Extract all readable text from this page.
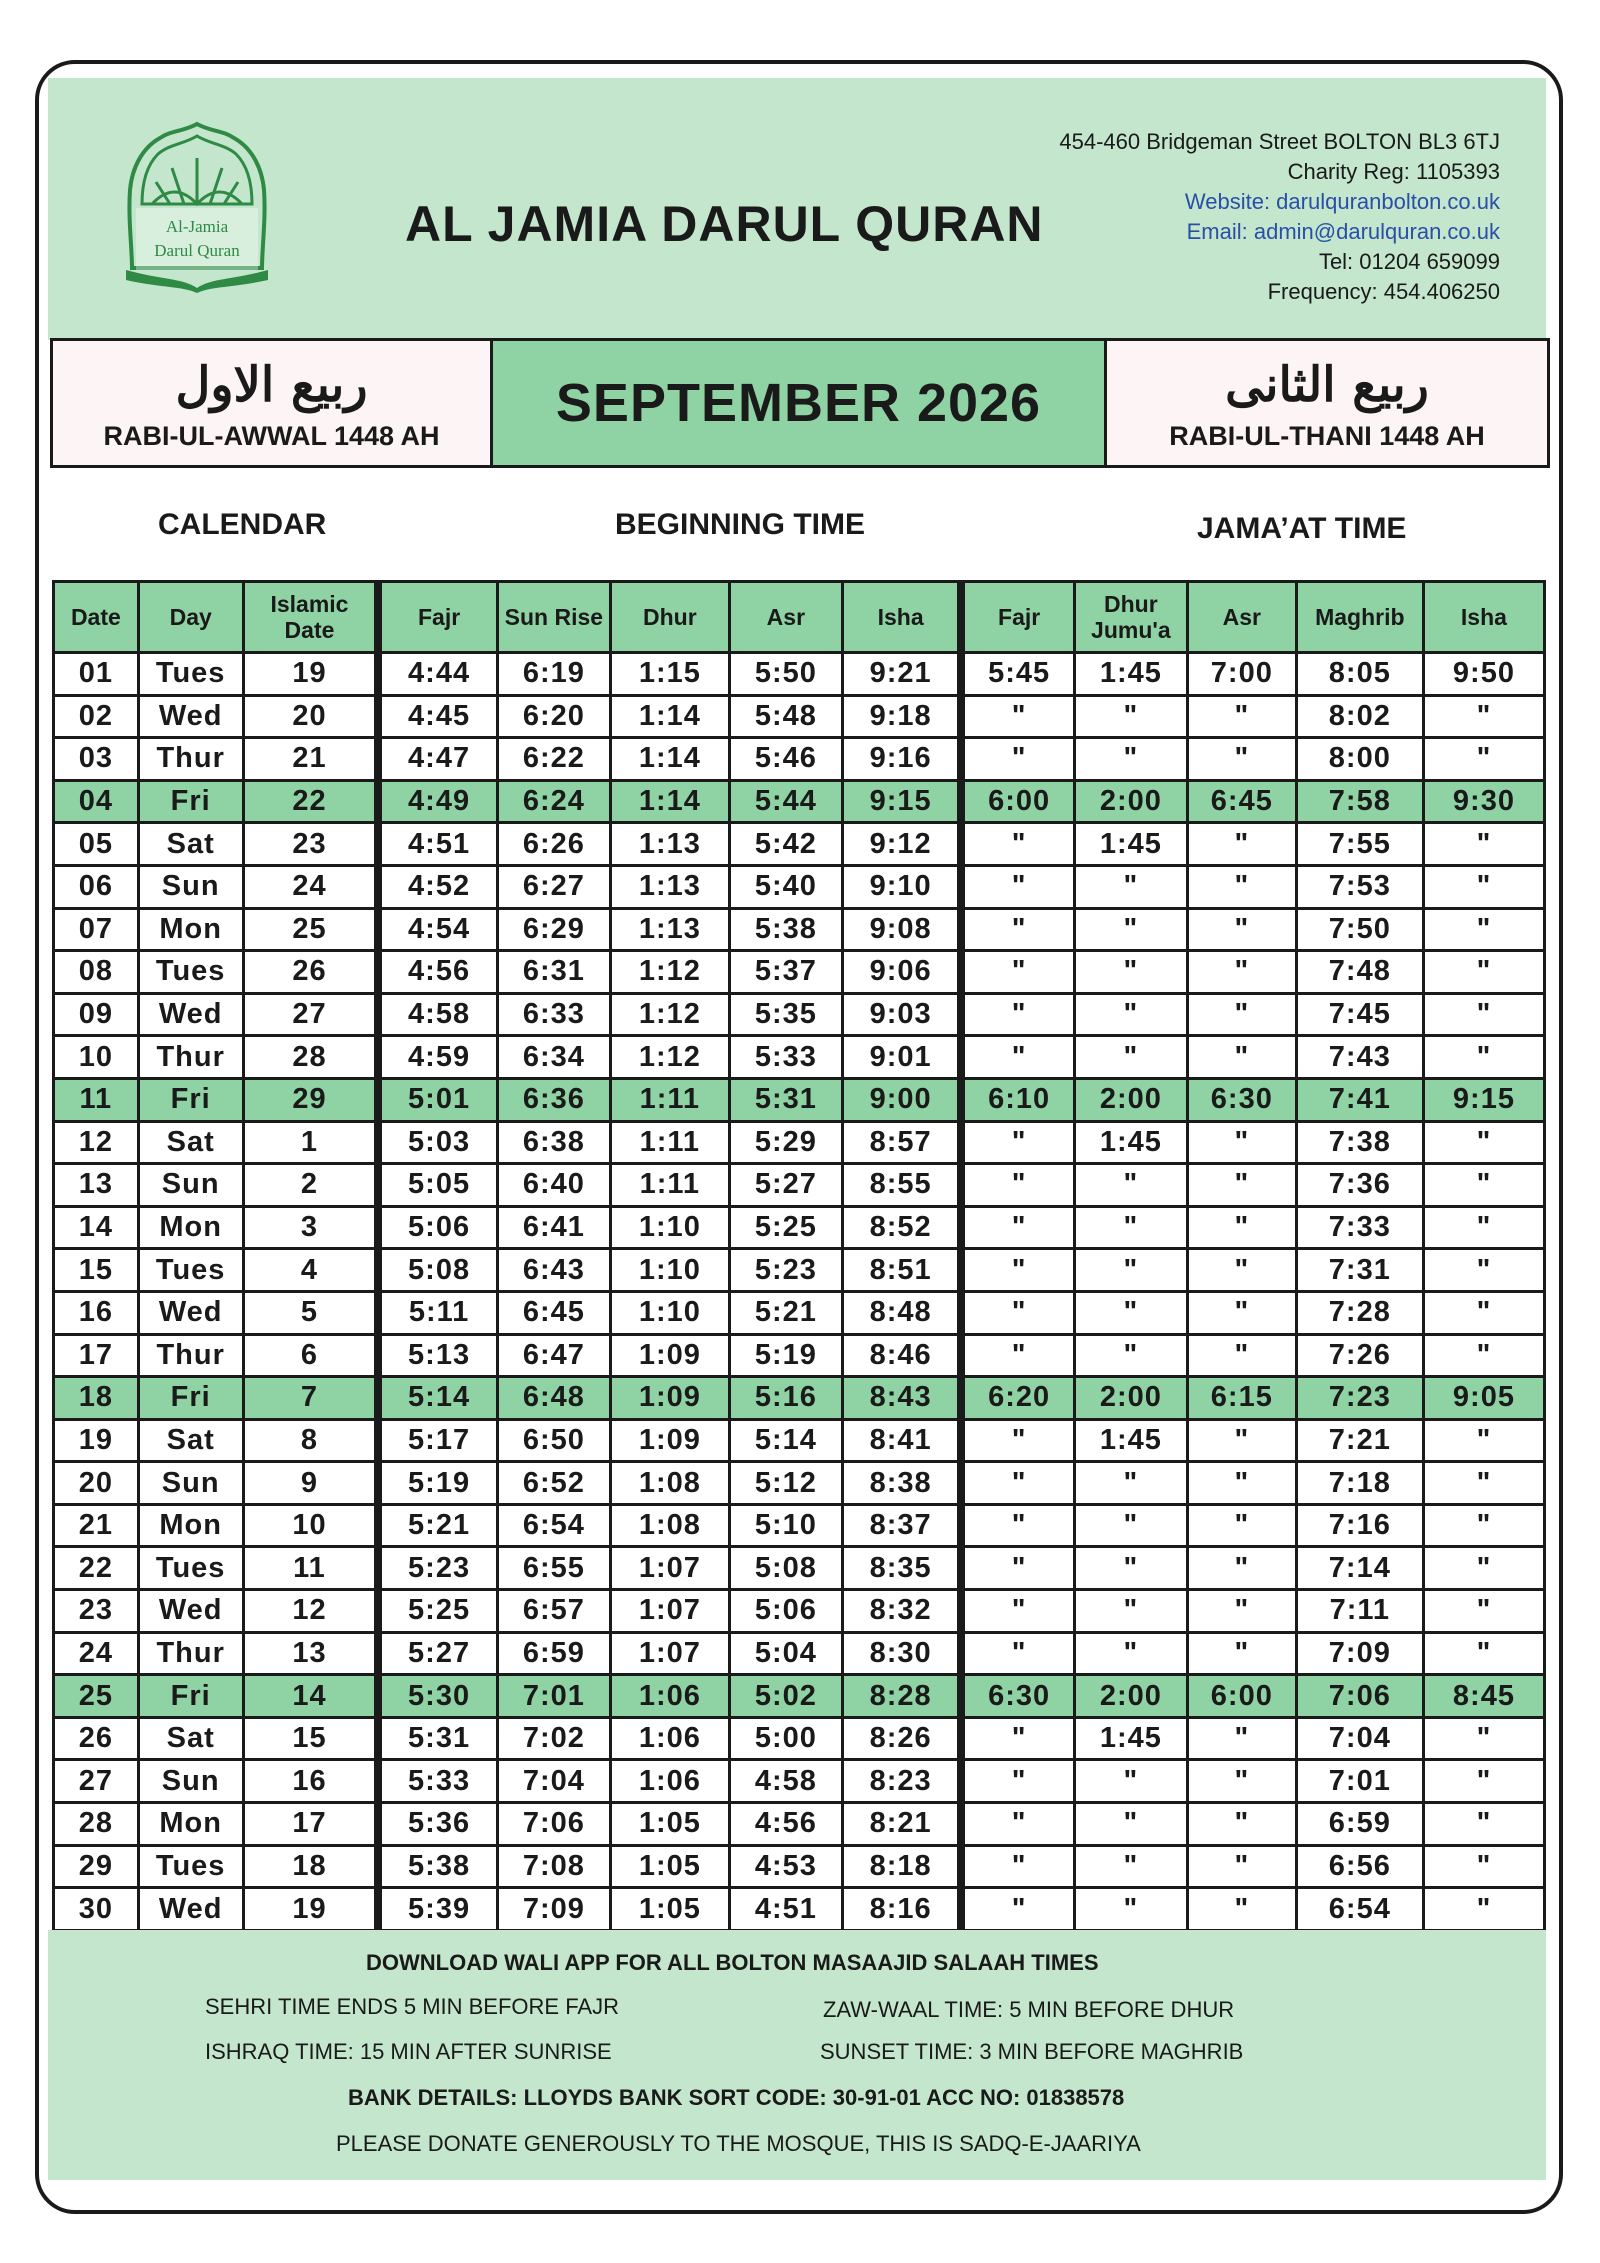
Al-Jamia
Darul Quran	AL JAMIA DARUL QURAN
454-460 Bridgeman Street BOLTON BL3 6TJ
Charity Reg: 1105393
Website: darulquranbolton.co.uk
Email: admin@darulquran.co.uk
Tel: 01204 659099
Frequency: 454.406250
ربيع الاول
RABI-UL-AWWAL 1448 AH
SEPTEMBER 2026	ربيع الثانى
RABI-UL-THANI 1448 AH
CALENDAR	BEGINNING TIME	JAMA’AT TIME
Date	Day	Islamic Date	Fajr	Sun Rise	Dhur	Asr	Isha	Fajr	Dhur Jumu'a	Asr	Maghrib	Isha
01	Tues	19	4:44	6:19	1:15	5:50	9:21	5:45	1:45	7:00	8:05	9:50
02	Wed	20	4:45	6:20	1:14	5:48	9:18	"	"	"	8:02	"
03	Thur	21	4:47	6:22	1:14	5:46	9:16	"	"	"	8:00	"
04	Fri	22	4:49	6:24	1:14	5:44	9:15	6:00	2:00	6:45	7:58	9:30
05	Sat	23	4:51	6:26	1:13	5:42	9:12	"	1:45	"	7:55	"
06	Sun	24	4:52	6:27	1:13	5:40	9:10	"	"	"	7:53	"
07	Mon	25	4:54	6:29	1:13	5:38	9:08	"	"	"	7:50	"
08	Tues	26	4:56	6:31	1:12	5:37	9:06	"	"	"	7:48	"
09	Wed	27	4:58	6:33	1:12	5:35	9:03	"	"	"	7:45	"
10	Thur	28	4:59	6:34	1:12	5:33	9:01	"	"	"	7:43	"
11	Fri	29	5:01	6:36	1:11	5:31	9:00	6:10	2:00	6:30	7:41	9:15
12	Sat	1	5:03	6:38	1:11	5:29	8:57	"	1:45	"	7:38	"
13	Sun	2	5:05	6:40	1:11	5:27	8:55	"	"	"	7:36	"
14	Mon	3	5:06	6:41	1:10	5:25	8:52	"	"	"	7:33	"
15	Tues	4	5:08	6:43	1:10	5:23	8:51	"	"	"	7:31	"
16	Wed	5	5:11	6:45	1:10	5:21	8:48	"	"	"	7:28	"
17	Thur	6	5:13	6:47	1:09	5:19	8:46	"	"	"	7:26	"
18	Fri	7	5:14	6:48	1:09	5:16	8:43	6:20	2:00	6:15	7:23	9:05
19	Sat	8	5:17	6:50	1:09	5:14	8:41	"	1:45	"	7:21	"
20	Sun	9	5:19	6:52	1:08	5:12	8:38	"	"	"	7:18	"
21	Mon	10	5:21	6:54	1:08	5:10	8:37	"	"	"	7:16	"
22	Tues	11	5:23	6:55	1:07	5:08	8:35	"	"	"	7:14	"
23	Wed	12	5:25	6:57	1:07	5:06	8:32	"	"	"	7:11	"
24	Thur	13	5:27	6:59	1:07	5:04	8:30	"	"	"	7:09	"
25	Fri	14	5:30	7:01	1:06	5:02	8:28	6:30	2:00	6:00	7:06	8:45
26	Sat	15	5:31	7:02	1:06	5:00	8:26	"	1:45	"	7:04	"
27	Sun	16	5:33	7:04	1:06	4:58	8:23	"	"	"	7:01	"
28	Mon	17	5:36	7:06	1:05	4:56	8:21	"	"	"	6:59	"
29	Tues	18	5:38	7:08	1:05	4:53	8:18	"	"	"	6:56	"
30	Wed	19	5:39	7:09	1:05	4:51	8:16	"	"	"	6:54	"
DOWNLOAD WALI APP FOR ALL BOLTON MASAAJID SALAAH TIMES
SEHRI TIME ENDS 5 MIN BEFORE FAJR	ZAW-WAAL TIME: 5 MIN BEFORE DHUR
ISHRAQ TIME: 15 MIN AFTER SUNRISE	SUNSET TIME: 3 MIN BEFORE MAGHRIB
BANK DETAILS: LLOYDS BANK SORT CODE: 30-91-01 ACC NO: 01838578
PLEASE DONATE GENEROUSLY TO THE MOSQUE, THIS IS SADQ-E-JAARIYA
